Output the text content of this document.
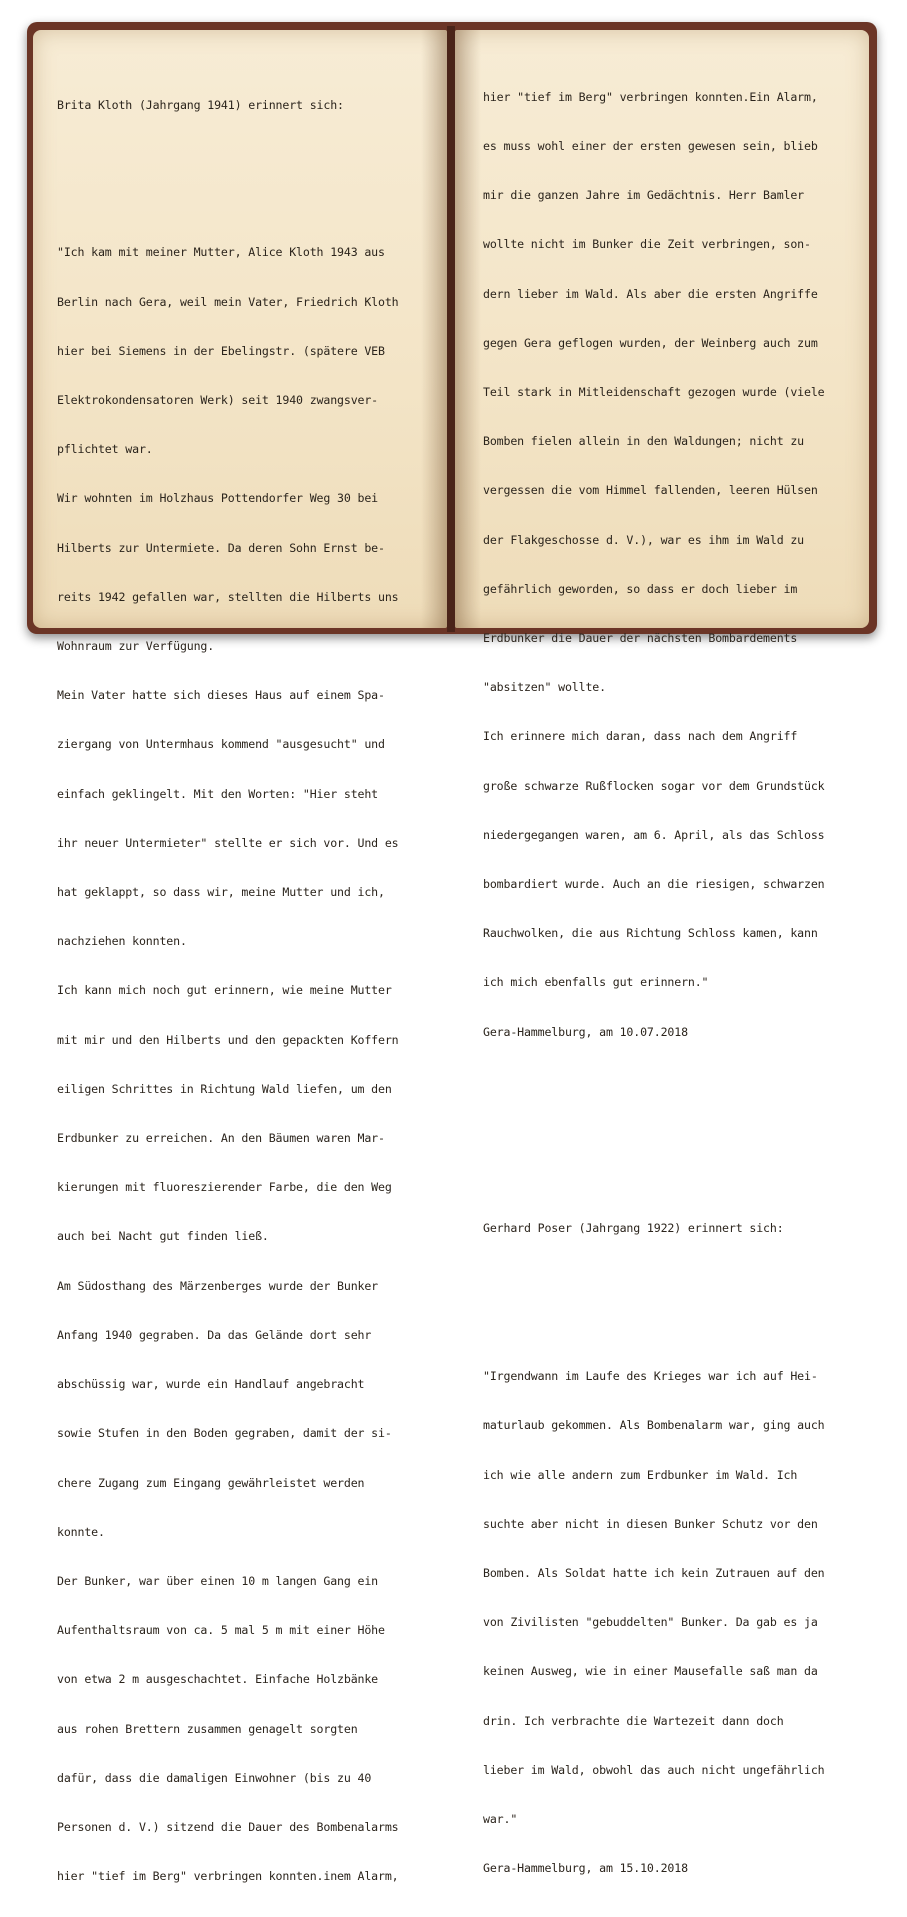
Brita Kloth (Jahrgang 1941) erinnert sich:

"Ich kam mit meiner Mutter, Alice Kloth 1943 aus

Berlin nach Gera, weil mein Vater, Friedrich Kloth

hier bei Siemens in der Ebelingstr. (spätere VEB

Elektrokondensatoren Werk) seit 1940 zwangsver-

pflichtet war.

Wir wohnten im Holzhaus Pottendorfer Weg 30 bei

Hilberts zur Untermiete. Da deren Sohn Ernst be-

reits 1942 gefallen war, stellten die Hilberts uns

Wohnraum zur Verfügung.

Mein Vater hatte sich dieses Haus auf einem Spa-

ziergang von Untermhaus kommend "ausgesucht" und

einfach geklingelt. Mit den Worten: "Hier steht

ihr neuer Untermieter" stellte er sich vor. Und es

hat geklappt, so dass wir, meine Mutter und ich,

nachziehen konnten.

Ich kann mich noch gut erinnern, wie meine Mutter

mit mir und den Hilberts und den gepackten Koffern

eiligen Schrittes in Richtung Wald liefen, um den

Erdbunker zu erreichen. An den Bäumen waren Mar-

kierungen mit fluoreszierender Farbe, die den Weg

auch bei Nacht gut finden ließ.

Am Südosthang des Märzenberges wurde der Bunker

Anfang 1940 gegraben. Da das Gelände dort sehr

abschüssig war, wurde ein Handlauf angebracht

sowie Stufen in den Boden gegraben, damit der si-

chere Zugang zum Eingang gewährleistet werden

konnte.

Der Bunker, war über einen 10 m langen Gang ein

Aufenthaltsraum von ca. 5 mal 5 m mit einer Höhe

von etwa 2 m ausgeschachtet. Einfache Holzbänke

aus rohen Brettern zusammen genagelt sorgten

dafür, dass die damaligen Einwohner (bis zu 40

Personen d. V.) sitzend die Dauer des Bombenalarms

hier "tief im Berg" verbringen konnten.inem Alarm,

hier "tief im Berg" verbringen konnten.Ein Alarm,

es muss wohl einer der ersten gewesen sein, blieb

mir die ganzen Jahre im Gedächtnis. Herr Bamler

wollte nicht im Bunker die Zeit verbringen, son-

dern lieber im Wald. Als aber die ersten Angriffe

gegen Gera geflogen wurden, der Weinberg auch zum

Teil stark in Mitleidenschaft gezogen wurde (viele

Bomben fielen allein in den Waldungen; nicht zu

vergessen die vom Himmel fallenden, leeren Hülsen

der Flakgeschosse d. V.), war es ihm im Wald zu

gefährlich geworden, so dass er doch lieber im

Erdbunker die Dauer der nächsten Bombardements

"absitzen" wollte.

Ich erinnere mich daran, dass nach dem Angriff

große schwarze Rußflocken sogar vor dem Grundstück

niedergegangen waren, am 6. April, als das Schloss

bombardiert wurde. Auch an die riesigen, schwarzen

Rauchwolken, die aus Richtung Schloss kamen, kann

ich mich ebenfalls gut erinnern."

Gera-Hammelburg, am 10.07.2018

Gerhard Poser (Jahrgang 1922) erinnert sich:

"Irgendwann im Laufe des Krieges war ich auf Hei-

maturlaub gekommen. Als Bombenalarm war, ging auch

ich wie alle andern zum Erdbunker im Wald. Ich

suchte aber nicht in diesen Bunker Schutz vor den

Bomben. Als Soldat hatte ich kein Zutrauen auf den

von Zivilisten "gebuddelten" Bunker. Da gab es ja

keinen Ausweg, wie in einer Mausefalle saß man da

drin. Ich verbrachte die Wartezeit dann doch

lieber im Wald, obwohl das auch nicht ungefährlich

war."

Gera-Hammelburg, am 15.10.2018
